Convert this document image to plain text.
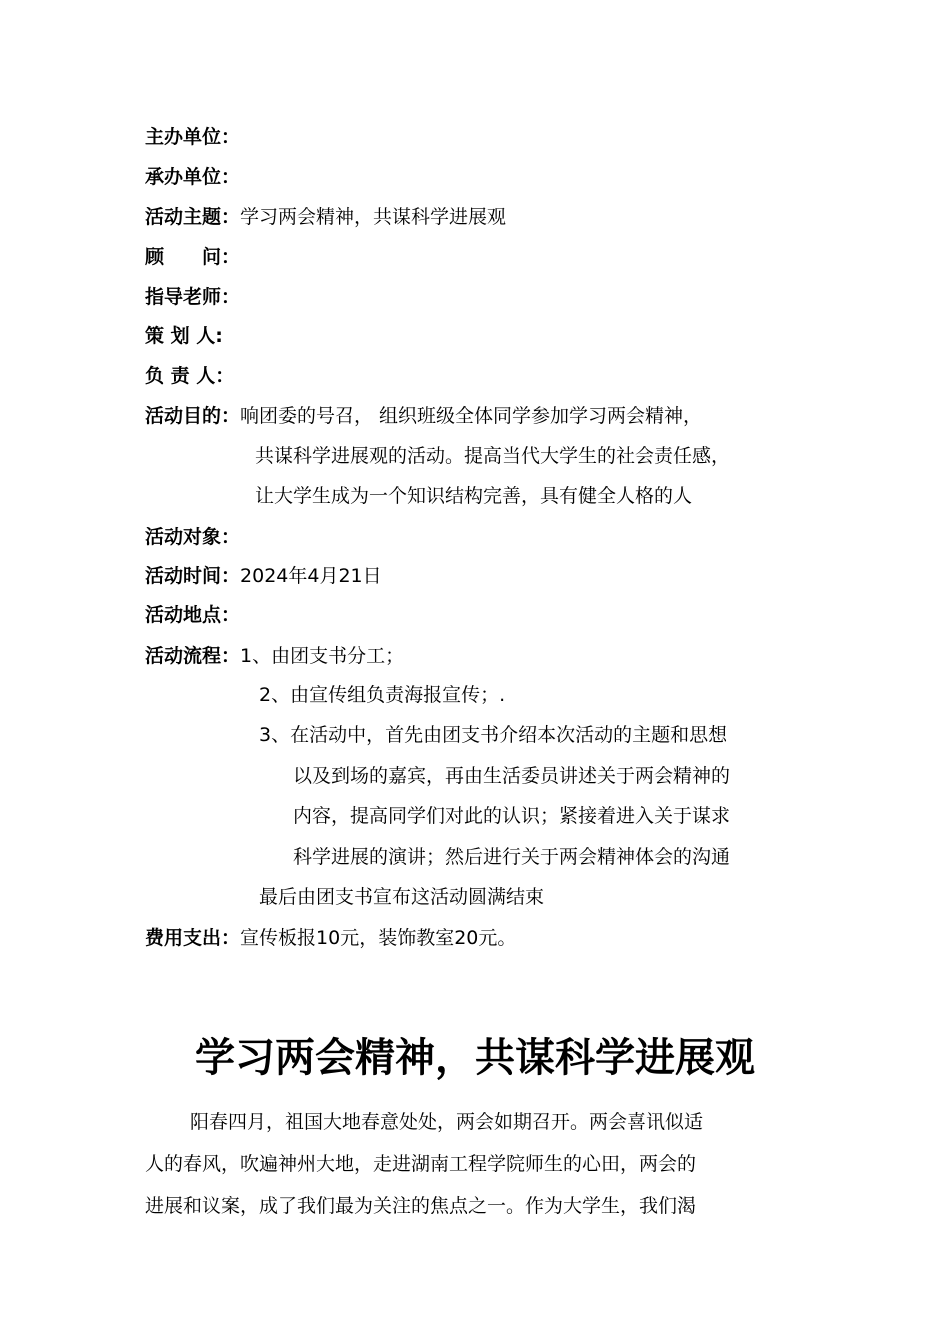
主办单位：
承办单位：
活动主题：学习两会精神，共谋科学进展观
顾　　问：
指导老师：
策 划 人:
负 责 人：
活动目的：响团委的号召， 组织班级全体同学参加学习两会精神，
共谋科学进展观的活动。提高当代大学生的社会责任感，
让大学生成为一个知识结构完善，具有健全人格的人
活动对象：
活动时间：2024年4月21日
活动地点：
活动流程：1、由团支书分工；
2、由宣传组负责海报宣传；.
3、在活动中，首先由团支书介绍本次活动的主题和思想
以及到场的嘉宾，再由生活委员讲述关于两会精神的
内容，提高同学们对此的认识；紧接着进入关于谋求
科学进展的演讲；然后进行关于两会精神体会的沟通
最后由团支书宣布这活动圆满结束
费用支出：宣传板报10元，装饰教室20元。
学习两会精神，共谋科学进展观
阳春四月，祖国大地春意处处，两会如期召开。两会喜讯似适
人的春风，吹遍神州大地，走进湖南工程学院师生的心田，两会的
进展和议案，成了我们最为关注的焦点之一。作为大学生，我们渴
